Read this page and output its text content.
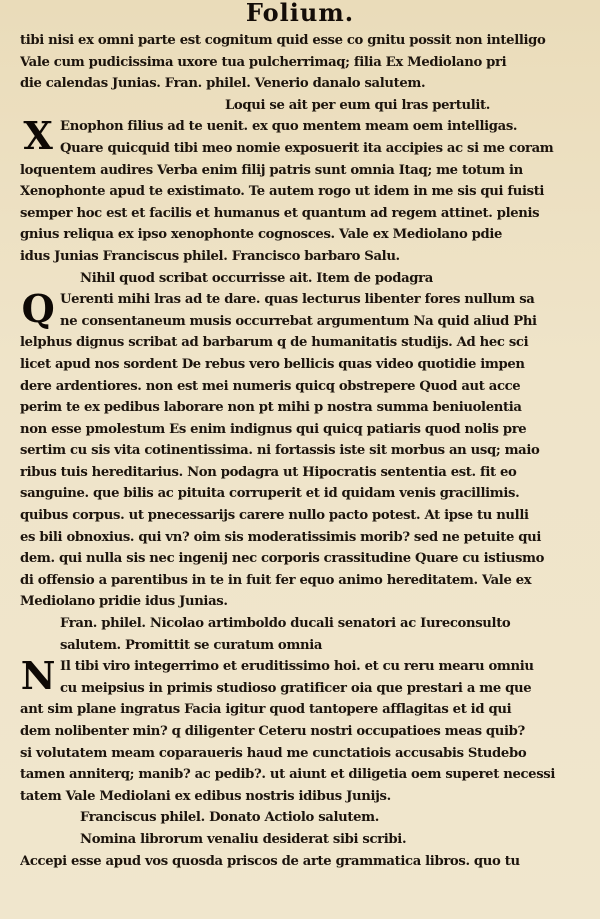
Folium.
tibi nisi ex omni parte est cognitum quid esse co gnitu possit non intelligo
Vale cum pudicissima uxore tua pulcherrimaq; filia Ex Mediolano pri
die calendas Junias. Fran. philel. Venerio danalo salutem.
Loqui se ait per eum qui lras pertulit.
X Enophon filius ad te uenit. ex quo mentem meam oem intelligas.
Quare quicquid tibi meo nomie exposuerit ita accipies ac si me coram
loquentem audires Verba enim filij patris sunt omnia Itaq; me totum in
Xenophonte apud te existimato. Te autem rogo ut idem in me sis qui fuisti
semper hoc est et facilis et humanus et quantum ad regem attinet. plenis
gnius reliqua ex ipso xenophonte cognosces. Vale ex Mediolano pdie
idus Junias Franciscus philel. Francisco barbaro Salu.
Nihil quod scribat occurrisse ait. Item de podagra
Q Uerenti mihi lras ad te dare. quas lecturus libenter fores nullum sa
ne consentaneum musis occurrebat argumentum Na quid aliud Phi
lelphus dignus scribat ad barbarum q de humanitatis studijs. Ad hec sci
licet apud nos sordent De rebus vero bellicis quas video quotidie impen
dere ardentiores. non est mei numeris quicq obstrepere Quod aut acce
perim te ex pedibus laborare non pt mihi p nostra summa beniuolentia
non esse pmolestum Es enim indignus qui quicq patiaris quod nolis pre
sertim cu sis vita cotinentissima. ni fortassis iste sit morbus an usq; maio
ribus tuis hereditarius. Non podagra ut Hipocratis sententia est. fit eo
sanguine. que bilis ac pituita corruperit et id quidam venis gracillimis.
quibus corpus. ut pnecessarijs carere nullo pacto potest. At ipse tu nulli
es bili obnoxius. qui vn? oim sis moderatissimis morib? sed ne petuite qui
dem. qui nulla sis nec ingenij nec corporis crassitudine Quare cu istiusmo
di offensio a parentibus in te in fuit fer equo animo hereditatem. Vale ex
Mediolano pridie idus Junias.
Fran. philel. Nicolao artimboldo ducali senatori ac Iureconsulto
salutem. Promittit se curatum omnia
N Il tibi viro integerrimo et eruditissimo hoi. et cu reru mearu omniu
cu meipsius in primis studioso gratificer oia que prestari a me que
ant sim plane ingratus Facia igitur quod tantopere afflagitas et id qui
dem nolibenter min? q diligenter Ceteru nostri occupatioes meas quib?
si volutatem meam coparaueris haud me cunctatiois accusabis Studebo
tamen anniterq; manib? ac pedib?. ut aiunt et diligetia oem superet necessi
tatem Vale Mediolani ex edibus nostris idibus Junijs.
Franciscus philel. Donato Actiolo salutem.
Nomina librorum venaliu desiderat sibi scribi.
Accepi esse apud vos quosda priscos de arte grammatica libros. quo tu
